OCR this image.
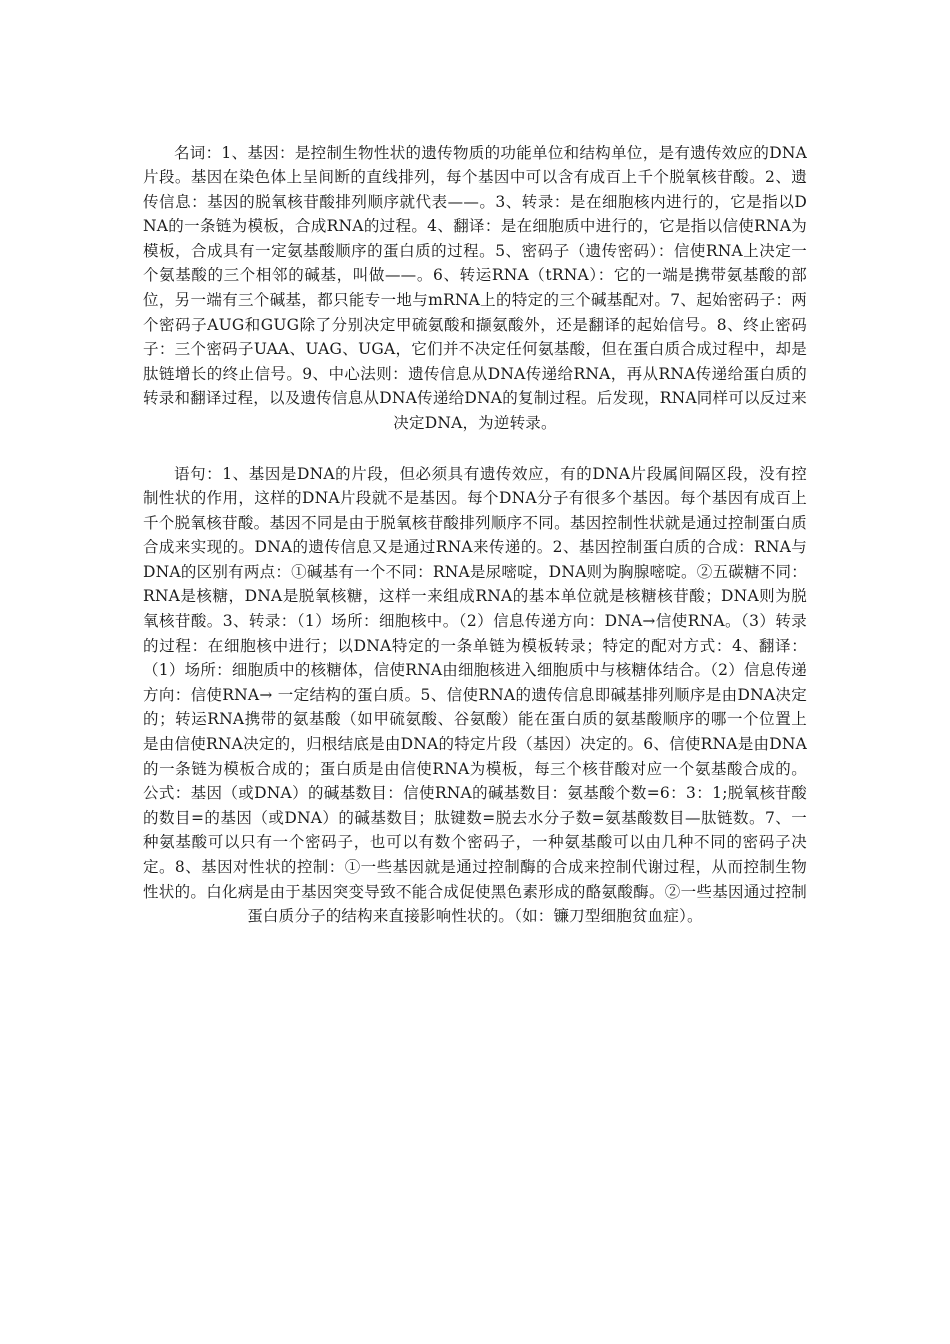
名词：1、基因：是控制生物性状的遗传物质的功能单位和结构单位，是有遗传效应的DNA片段。基因在染色体上呈间断的直线排列，每个基因中可以含有成百上千个脱氧核苷酸。2、遗传信息：基因的脱氧核苷酸排列顺序就代表——。3、转录：是在细胞核内进行的，它是指以DNA的一条链为模板，合成RNA的过程。4、翻译：是在细胞质中进行的，它是指以信使RNA为模板，合成具有一定氨基酸顺序的蛋白质的过程。5、密码子（遗传密码）：信使RNA上决定一个氨基酸的三个相邻的碱基，叫做——。6、转运RNA（tRNA）：它的一端是携带氨基酸的部位，另一端有三个碱基，都只能专一地与mRNA上的特定的三个碱基配对。7、起始密码子：两个密码子AUG和GUG除了分别决定甲硫氨酸和撷氨酸外，还是翻译的起始信号。8、终止密码子：三个密码子UAA、UAG、UGA，它们并不决定任何氨基酸，但在蛋白质合成过程中，却是肽链增长的终止信号。9、中心法则：遗传信息从DNA传递给RNA，再从RNA传递给蛋白质的转录和翻译过程，以及遗传信息从DNA传递给DNA的复制过程。后发现，RNA同样可以反过来决定DNA，为逆转录。

语句：1、基因是DNA的片段，但必须具有遗传效应，有的DNA片段属间隔区段，没有控制性状的作用，这样的DNA片段就不是基因。每个DNA分子有很多个基因。每个基因有成百上千个脱氧核苷酸。基因不同是由于脱氧核苷酸排列顺序不同。基因控制性状就是通过控制蛋白质合成来实现的。DNA的遗传信息又是通过RNA来传递的。2、基因控制蛋白质的合成：RNA与DNA的区别有两点：①碱基有一个不同：RNA是尿嘧啶，DNA则为胸腺嘧啶。②五碳糖不同：RNA是核糖，DNA是脱氧核糖，这样一来组成RNA的基本单位就是核糖核苷酸；DNA则为脱氧核苷酸。3、转录：（1）场所：细胞核中。（2）信息传递方向：DNA→信使RNA。（3）转录的过程：在细胞核中进行；以DNA特定的一条单链为模板转录；特定的配对方式：4、翻译：（1）场所：细胞质中的核糖体，信使RNA由细胞核进入细胞质中与核糖体结合。（2）信息传递方向：信使RNA→ 一定结构的蛋白质。5、信使RNA的遗传信息即碱基排列顺序是由DNA决定的；转运RNA携带的氨基酸（如甲硫氨酸、谷氨酸）能在蛋白质的氨基酸顺序的哪一个位置上是由信使RNA决定的，归根结底是由DNA的特定片段（基因）决定的。6、信使RNA是由DNA的一条链为模板合成的；蛋白质是由信使RNA为模板，每三个核苷酸对应一个氨基酸合成的。公式：基因（或DNA）的碱基数目：信使RNA的碱基数目：氨基酸个数=6：3：1;脱氧核苷酸的数目=的基因（或DNA）的碱基数目；肽键数=脱去水分子数=氨基酸数目—肽链数。7、一种氨基酸可以只有一个密码子，也可以有数个密码子，一种氨基酸可以由几种不同的密码子决定。8、基因对性状的控制：①一些基因就是通过控制酶的合成来控制代谢过程，从而控制生物性状的。白化病是由于基因突变导致不能合成促使黑色素形成的酪氨酸酶。②一些基因通过控制蛋白质分子的结构来直接影响性状的。（如：镰刀型细胞贫血症）。
